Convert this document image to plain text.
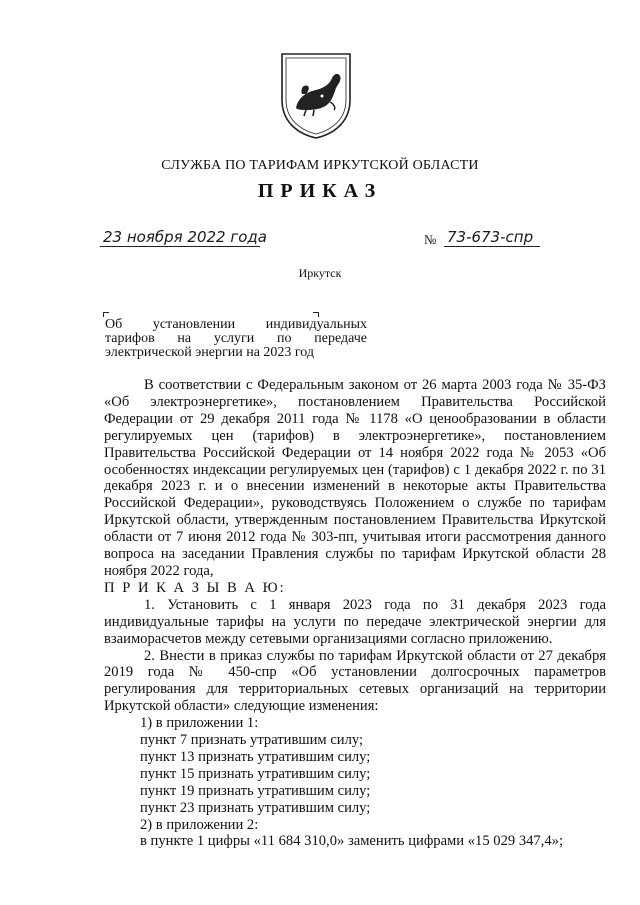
СЛУЖБА ПО ТАРИФАМ ИРКУТСКОЙ ОБЛАСТИ
ПРИКАЗ
23 ноября 2022 года	№ 73-673-спр
Иркутск
Об установлении индивидуальных
тарифов на услуги по передаче
электрической энергии на 2023 год

В соответствии с Федеральным законом от 26 марта 2003 года № 35-ФЗ «Об электроэнергетике», постановлением Правительства Российской Федерации от 29 декабря 2011 года № 1178 «О ценообразовании в области регулируемых цен (тарифов) в электроэнергетике», постановлением Правительства Российской Федерации от 14 ноября 2022 года № 2053 «Об особенностях индексации регулируемых цен (тарифов) с 1 декабря 2022 г. по 31 декабря 2023 г. и о внесении изменений в некоторые акты Правительства Российской Федерации», руководствуясь Положением о службе по тарифам Иркутской области, утвержденным постановлением Правительства Иркутской области от 7 июня 2012 года № 303-пп, учитывая итоги рассмотрения данного вопроса на заседании Правления службы по тарифам Иркутской области 28 ноября 2022 года,

П Р И К А З Ы В А Ю:

1. Установить с 1 января 2023 года по 31 декабря 2023 года индивидуальные тарифы на услуги по передаче электрической энергии для взаиморасчетов между сетевыми организациями согласно приложению.

2. Внести в приказ службы по тарифам Иркутской области от 27 декабря 2019 года № 450-спр «Об установлении долгосрочных параметров регулирования для территориальных сетевых организаций на территории Иркутской области» следующие изменения:

1) в приложении 1:

пункт 7 признать утратившим силу;

пункт 13 признать утратившим силу;

пункт 15 признать утратившим силу;

пункт 19 признать утратившим силу;

пункт 23 признать утратившим силу;

2) в приложении 2:

в пункте 1 цифры «11 684 310,0» заменить цифрами «15 029 347,4»;
